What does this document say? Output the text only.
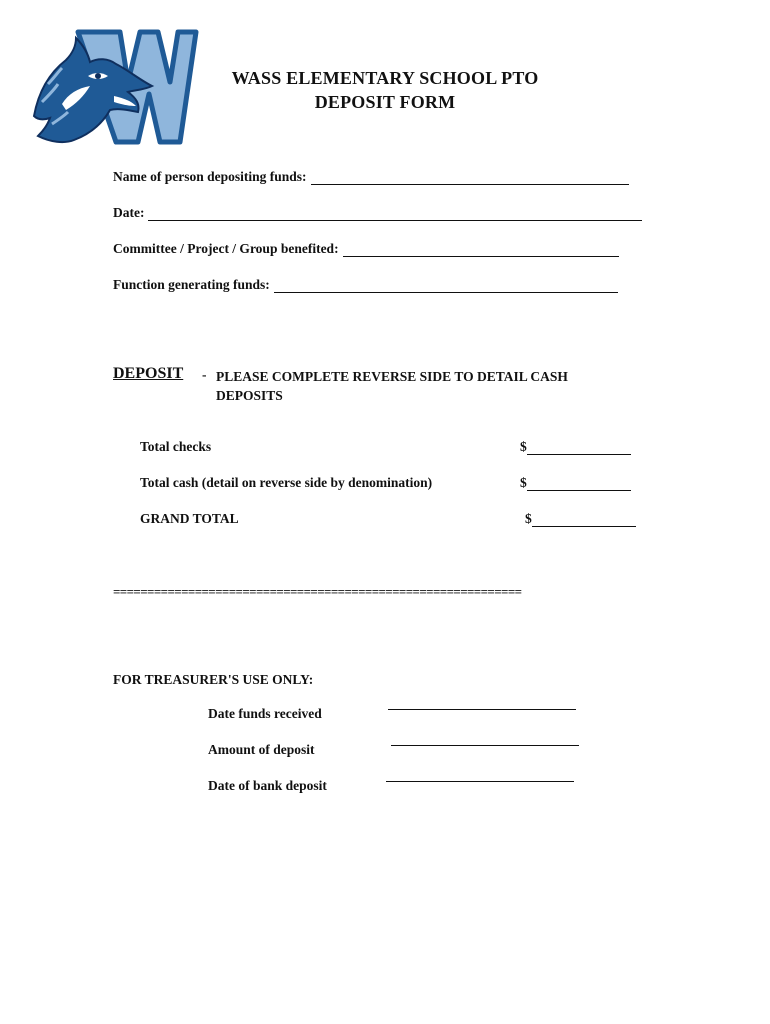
WASS ELEMENTARY SCHOOL PTO
DEPOSIT FORM
Name of person depositing funds:
Date:
Committee / Project / Group benefited:
Function generating funds:
DEPOSIT - PLEASE COMPLETE REVERSE SIDE TO DETAIL CASH DEPOSITS
Total checks	$
Total cash (detail on reverse side by denomination)	$
GRAND TOTAL	$
============================================================
FOR TREASURER'S USE ONLY:
Date funds received
Amount of deposit
Date of bank deposit
